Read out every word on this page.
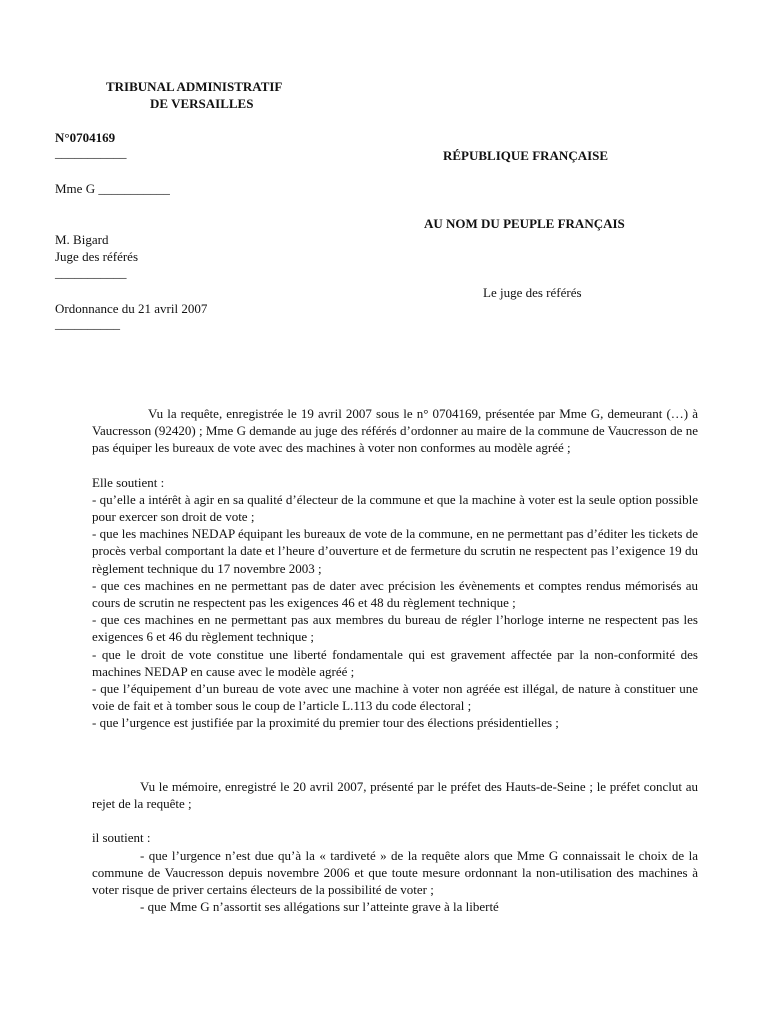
TRIBUNAL ADMINISTRATIF
DE VERSAILLES
N°0704169
___________	RÉPUBLIQUE FRANÇAISE
Mme G ___________
AU NOM DU PEUPLE FRANÇAIS
M. Bigard
Juge des référés
___________
Le juge des référés
Ordonnance du 21 avril 2007
__________

Vu la requête, enregistrée le 19 avril 2007 sous le n° 0704169, présentée par Mme G, demeurant (…) à Vaucresson (92420) ; Mme G demande au juge des référés d’ordonner au maire de la commune de Vaucresson de ne pas équiper les bureaux de vote avec des machines à voter non conformes au modèle agréé ;

Elle soutient :

- qu’elle a intérêt à agir en sa qualité d’électeur de la commune et que la machine à voter est la seule option possible pour exercer son droit de vote ;

- que les machines NEDAP équipant les bureaux de vote de la commune, en ne permettant pas d’éditer les tickets de procès verbal comportant la date et l’heure d’ouverture et de fermeture du scrutin ne respectent pas l’exigence 19 du règlement technique du 17 novembre 2003 ;

- que ces machines en ne permettant pas de dater avec précision les évènements et comptes rendus mémorisés au cours de scrutin ne respectent pas les exigences 46 et 48 du règlement technique ;

- que ces machines en ne permettant pas aux membres du bureau de régler l’horloge interne ne respectent pas les exigences 6 et 46 du règlement technique ;

- que le droit de vote constitue une liberté fondamentale qui est gravement affectée par la non-conformité des machines NEDAP en cause avec le modèle agréé ;

- que l’équipement d’un bureau de vote avec une machine à voter non agréée est illégal, de nature à constituer une voie de fait et à tomber sous le coup de l’article L.113 du code électoral ;

- que l’urgence est justifiée par la proximité du premier tour des élections présidentielles ;

Vu le mémoire, enregistré le 20 avril 2007, présenté par le préfet des Hauts-de-Seine ; le préfet conclut au rejet de la requête ;

il soutient :

- que l’urgence n’est due qu’à la « tardiveté » de la requête alors que Mme G connaissait le choix de la commune de Vaucresson depuis novembre 2006 et que toute mesure ordonnant la non-utilisation des machines à voter risque de priver certains électeurs de la possibilité de voter ;

- que Mme G n’assortit ses allégations sur l’atteinte grave à la liberté
